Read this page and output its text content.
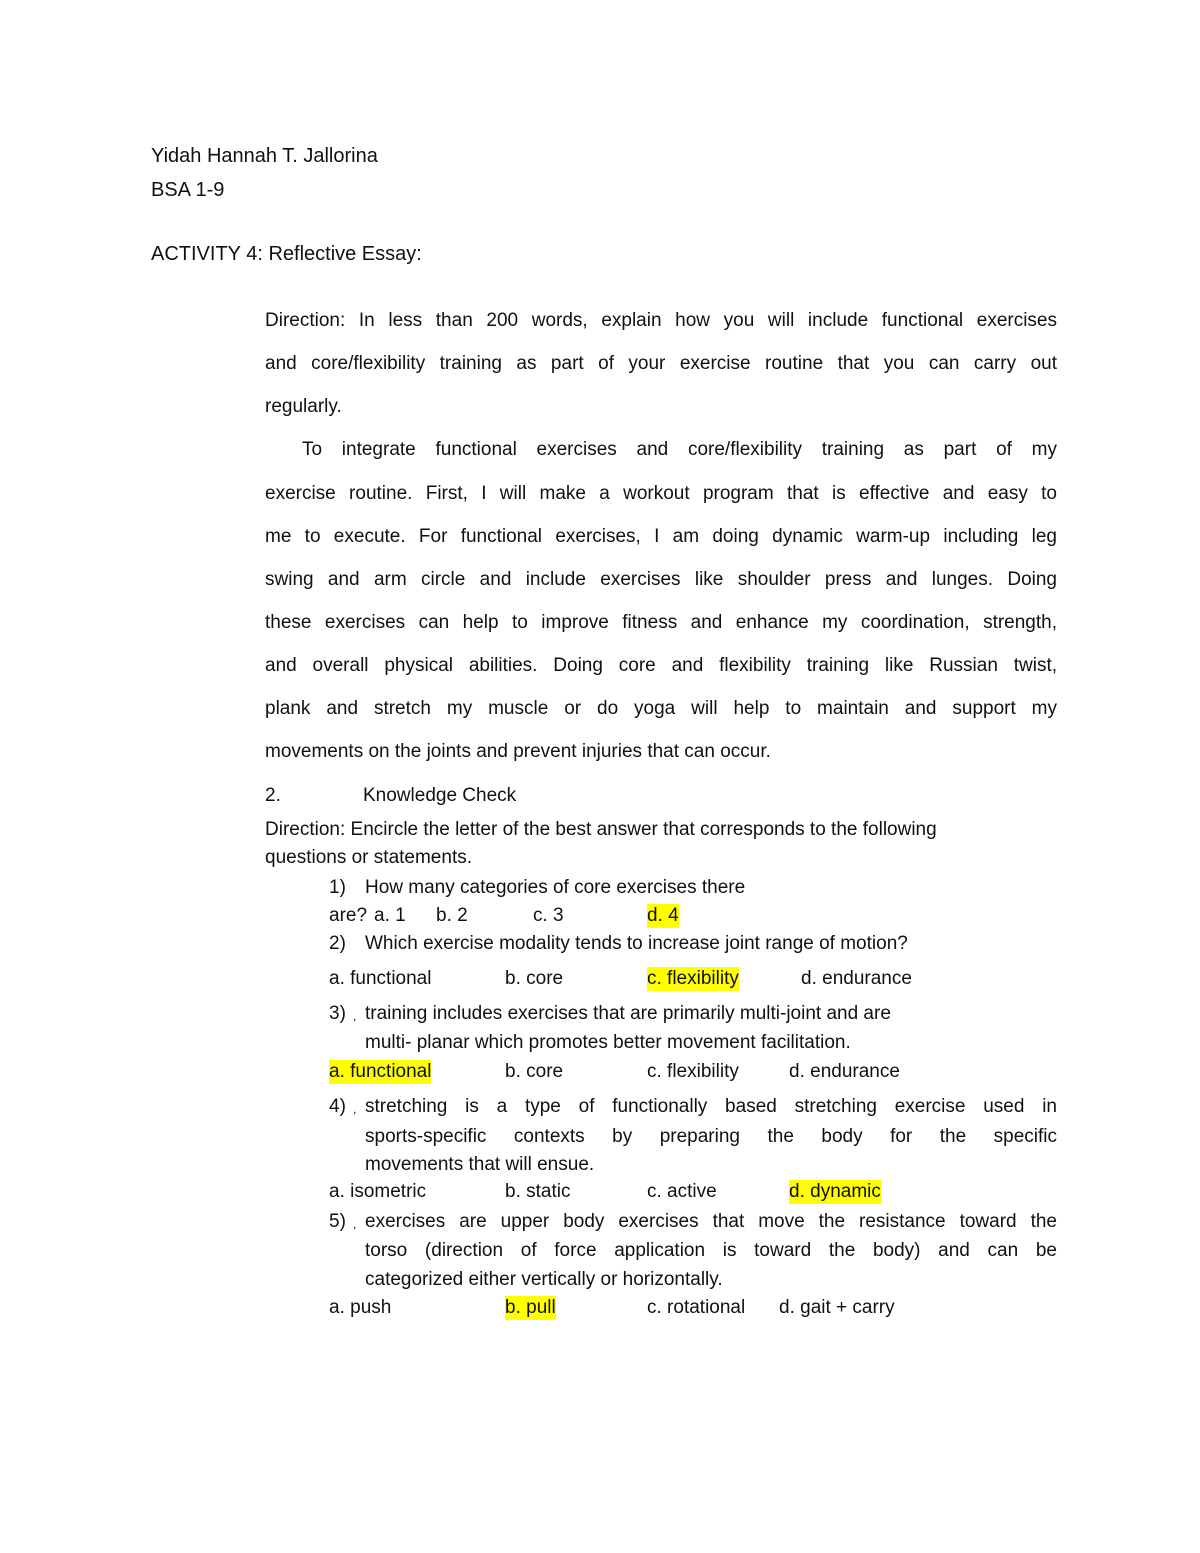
Yidah Hannah T. Jallorina
BSA 1-9
ACTIVITY 4: Reflective Essay:
Direction: In less than 200 words, explain how you will include functional exercises
and core/flexibility training as part of your exercise routine that you can carry out
regularly.
To integrate functional exercises and core/flexibility training as part of my
exercise routine. First, I will make a workout program that is effective and easy to
me to execute. For functional exercises, I am doing dynamic warm-up including leg
swing and arm circle and include exercises like shoulder press and lunges. Doing
these exercises can help to improve fitness and enhance my coordination, strength,
and overall physical abilities. Doing core and flexibility training like Russian twist,
plank and stretch my muscle or do yoga will help to maintain and support my
movements on the joints and prevent injuries that can occur.
2.	Knowledge Check
Direction: Encircle the letter of the best answer that corresponds to the following
questions or statements.
1) How many categories of core exercises there
are? a. 1 b. 2	c. 3	d. 4
2) Which exercise modality tends to increase joint range of motion?
a. functional	b. core	c. flexibility	d. endurance
3) , training includes exercises that are primarily multi-joint and are
multi- planar which promotes better movement facilitation.
a. functional	b. core	c. flexibility	d. endurance
4) , stretching is a type of functionally based stretching exercise used in
sports-specific contexts by preparing the body for the specific
movements that will ensue.
a. isometric	b. static	c. active	d. dynamic
5) , exercises are upper body exercises that move the resistance toward the
torso (direction of force application is toward the body) and can be
categorized either vertically or horizontally.
a. push	b. pull	c. rotational d. gait + carry
